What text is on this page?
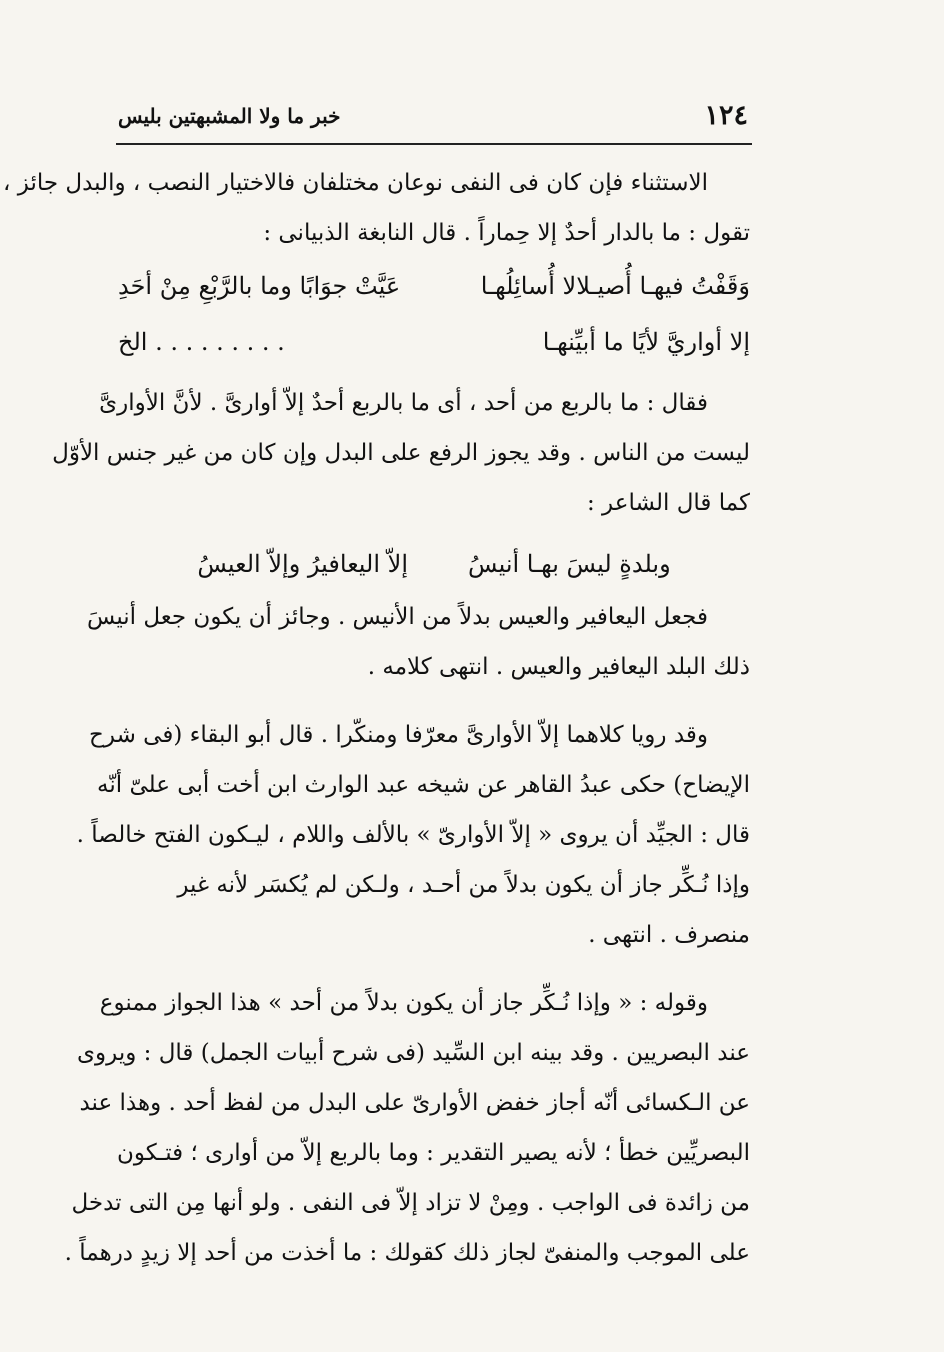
١٢٤
خبر ما ولا المشبهتين بليس
الاستثناء فإن كان فى النفى نوعان مختلفان فالاختيار النصب ، والبدل جائز ،
تقول : ما بالدار أحدٌ إلا حِماراً . قال النابغة الذبيانى :
وَقَفْتُ فيهـا أُصيـلالا أُسائِلُهـا
عَيَّتْ جوَابًا وما بالرَّبْعِ مِنْ أحَدِ
إلا أواريَّ لأيًا ما أبيِّنهـا
. . . . . . . . . الخ
فقال : ما بالربع من أحد ، أى ما بالربع أحدٌ إلاّ أوارىَّ . لأنَّ الأوارىَّ
ليست من الناس . وقد يجوز الرفع على البدل وإن كان من غير جنس الأوّل
كما قال الشاعر :
وبلدةٍ ليسَ بهـا أنيسُ
إلاّ اليعافيرُ وإلاّ العيسُ
فجعل اليعافير والعيس بدلاً من الأنيس . وجائز أن يكون جعل أنيسَ
ذلك البلد اليعافير والعيس . انتهى كلامه .
وقد رويا كلاهما إلاّ الأوارىَّ معرّفا ومنكّرا . قال أبو البقاء (فى شرح
الإيضاح) حكى عبدُ القاهر عن شيخه عبد الوارث ابن أخت أبى علىّ أنّه
قال : الجيِّد أن يروى « إلاّ الأوارىّ » بالألف واللام ، ليـكون الفتح خالصاً .
وإذا نُـكِّر جاز أن يكون بدلاً من أحـد ، ولـكن لم يُكسَر لأنه غير
منصرف . انتهى .
وقوله : « وإذا نُـكِّر جاز أن يكون بدلاً من أحد » هذا الجواز ممنوع
عند البصريين . وقد بينه ابن السِّيد (فى شرح أبيات الجمل) قال : ويروى
عن الـكسائى أنّه أجاز خفض الأوارىّ على البدل من لفظ أحد . وهذا عند
البصريِّين خطأ ؛ لأنه يصير التقدير : وما بالربع إلاّ من أوارى ؛ فتـكون
من زائدة فى الواجب . ومِنْ لا تزاد إلاّ فى النفى . ولو أنها مِن التى تدخل
على الموجب والمنفىّ لجاز ذلك كقولك : ما أخذت من أحد إلا زيدٍ درهماً .
